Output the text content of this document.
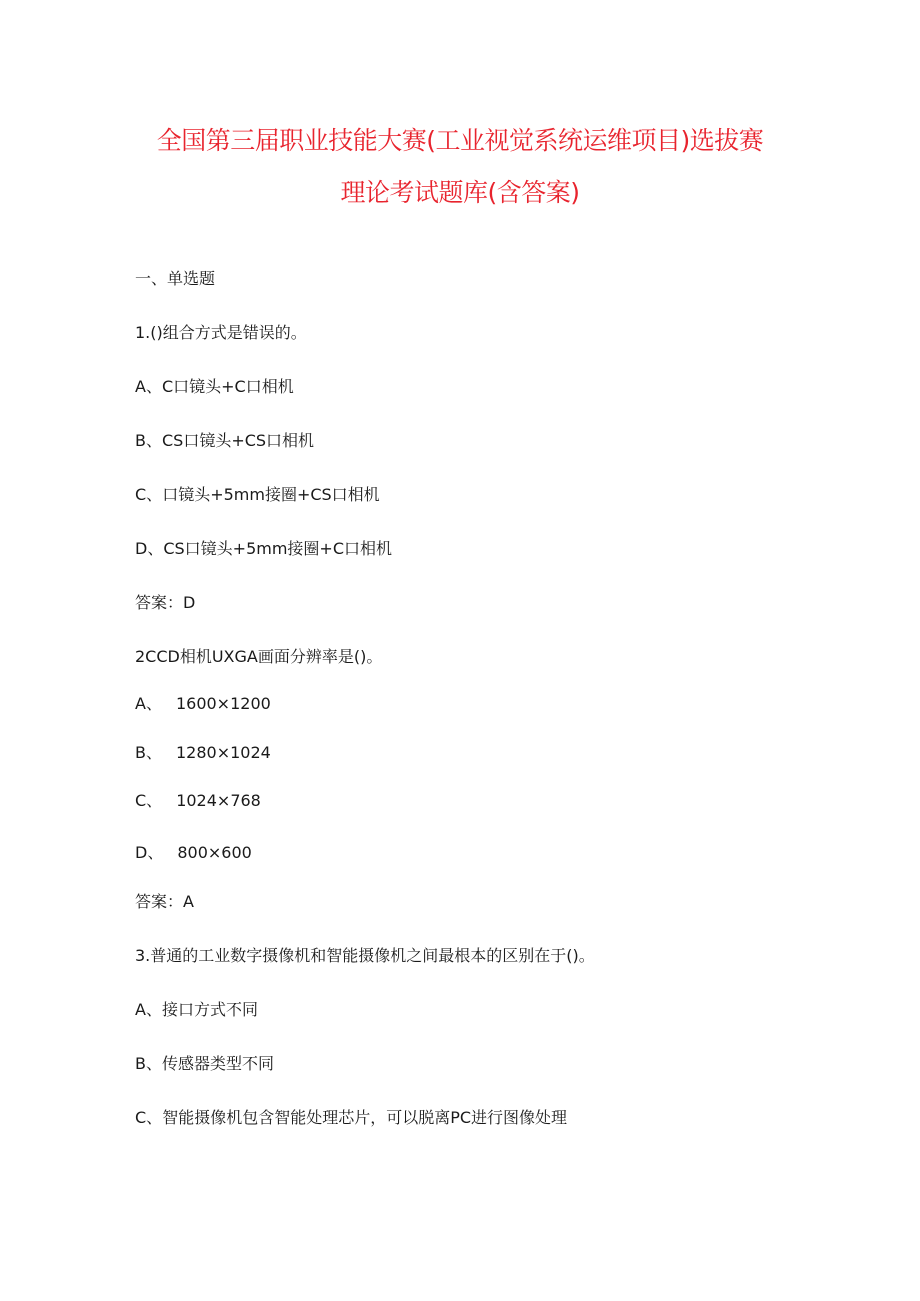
全国第三届职业技能大赛(工业视觉系统运维项目)选拔赛
理论考试题库(含答案)

一、单选题

1.()组合方式是错误的。

A、C口镜头+C口相机

B、CS口镜头+CS口相机

C、口镜头+5mm接圈+CS口相机

D、CS口镜头+5mm接圈+C口相机

答案：D

2CCD相机UXGA画面分辨率是()。

A、 1600×1200

B、 1280×1024

C、 1024×768

D、 800×600

答案：A

3.普通的工业数字摄像机和智能摄像机之间最根本的区别在于()。

A、接口方式不同

B、传感器类型不同

C、智能摄像机包含智能处理芯片，可以脱离PC进行图像处理
